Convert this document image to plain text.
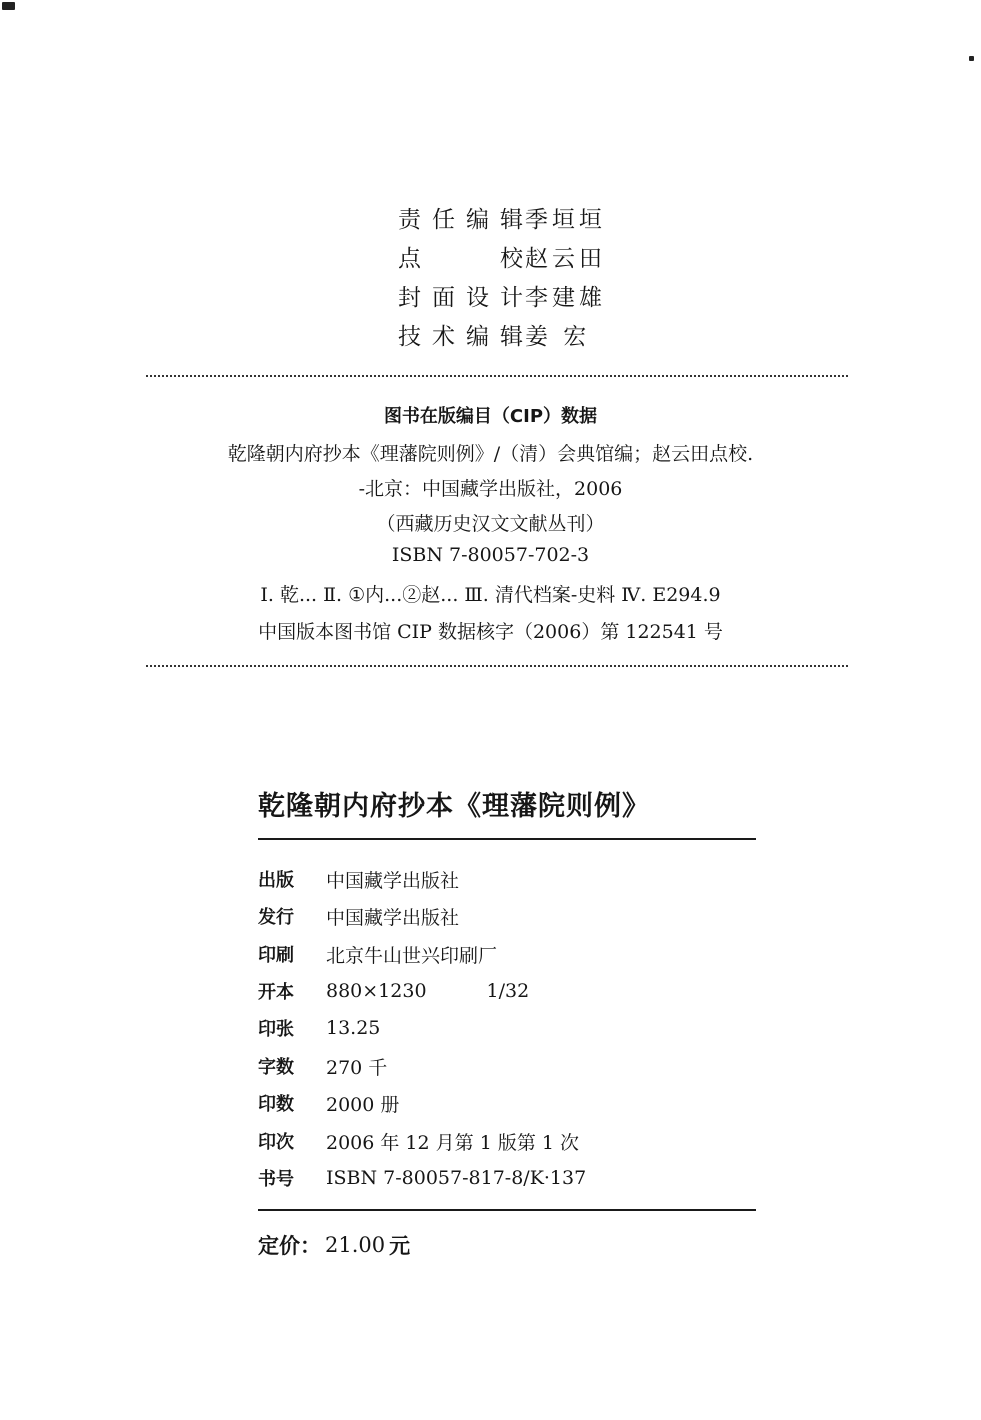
责任编辑 季垣垣
点校 赵云田
封面设计 李建雄
技术编辑 姜 宏
图书在版编目（CIP）数据
乾隆朝内府抄本《理藩院则例》/（清）会典馆编；赵云田点校.
-北京：中国藏学出版社，2006
（西藏历史汉文文献丛刊）
ISBN 7-80057-702-3
Ⅰ. 乾... Ⅱ. ①内...②赵... Ⅲ. 清代档案-史料 Ⅳ. E294.9
中国版本图书馆 CIP 数据核字（2006）第 122541 号
乾隆朝内府抄本《理藩院则例》
出版	中国藏学出版社
发行	中国藏学出版社
印刷	北京牛山世兴印刷厂
开本	880×1230	1/32
印张	13.25
字数	270 千
印数	2000 册
印次	2006 年 12 月第 1 版第 1 次
书号	ISBN 7-80057-817-8/K·137
定价： 21.00 元
